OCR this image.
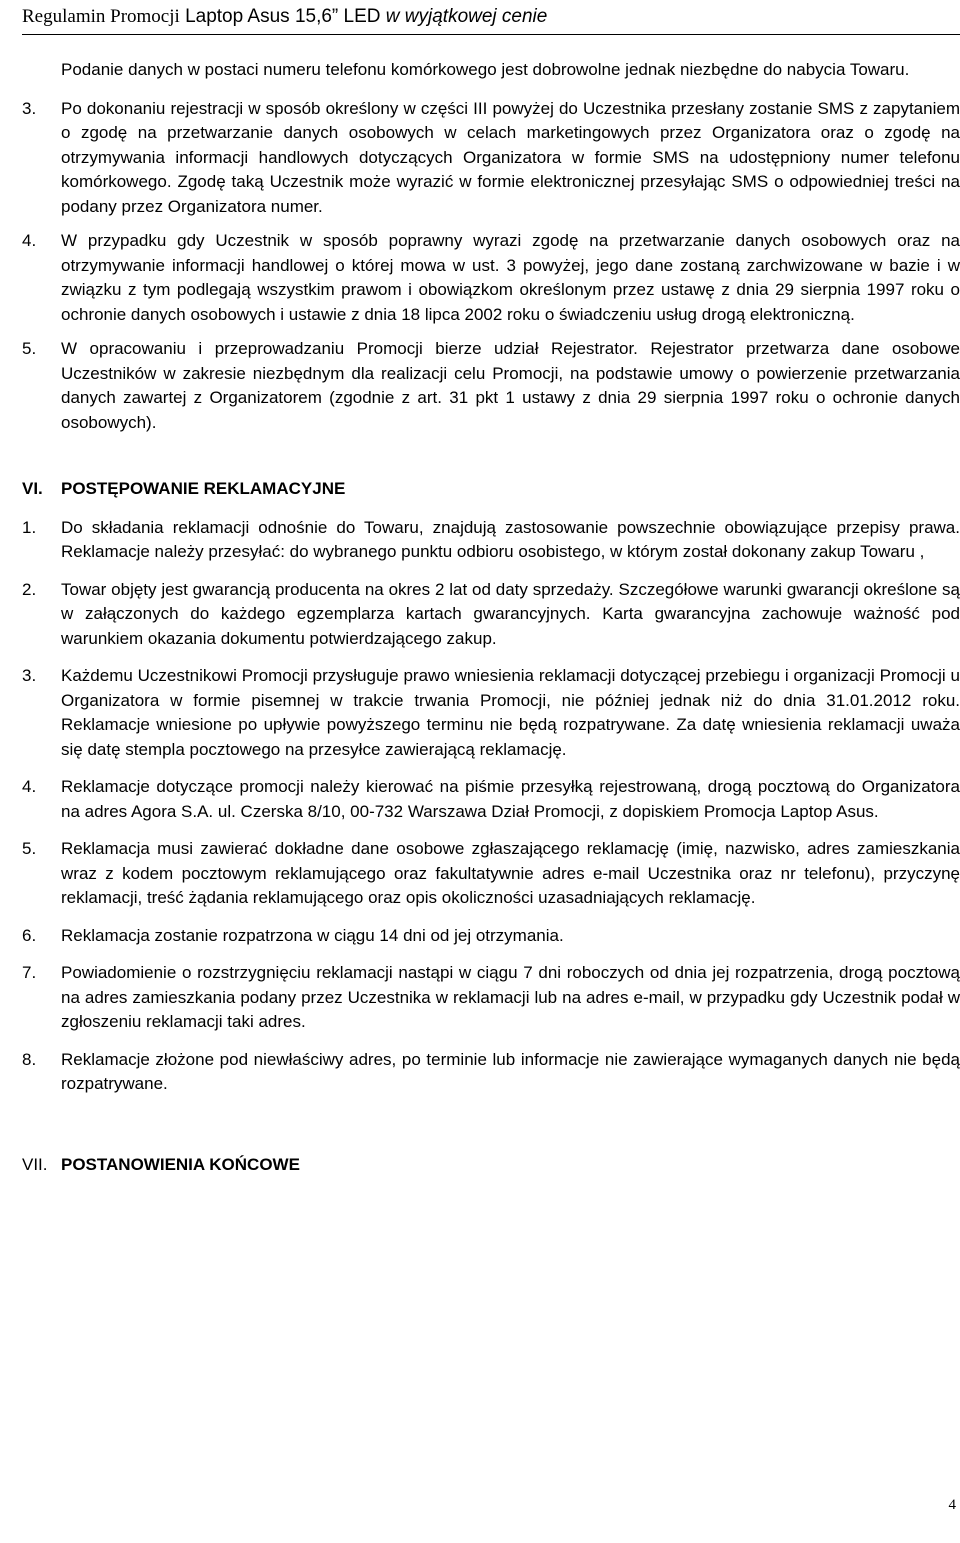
Regulamin Promocji Laptop Asus 15,6” LED w wyjątkowej cenie
Podanie danych w postaci numeru telefonu komórkowego jest dobrowolne jednak niezbędne do nabycia Towaru.
3.	Po dokonaniu rejestracji w sposób określony w części III powyżej do Uczestnika przesłany zostanie SMS z zapytaniem o zgodę na przetwarzanie danych osobowych w celach marketingowych przez Organizatora oraz o zgodę na otrzymywania informacji handlowych dotyczących Organizatora w formie SMS na udostępniony numer telefonu komórkowego. Zgodę taką Uczestnik może wyrazić w formie elektronicznej przesyłając SMS o odpowiedniej treści na podany przez Organizatora numer.
4.	W przypadku gdy Uczestnik w sposób poprawny wyrazi zgodę na przetwarzanie danych osobowych oraz na otrzymywanie informacji handlowej o której mowa w ust. 3 powyżej, jego dane zostaną zarchwizowane w bazie i w związku z tym podlegają wszystkim prawom i obowiązkom określonym przez ustawę z dnia 29 sierpnia 1997 roku o ochronie danych osobowych i ustawie z dnia 18 lipca 2002 roku o świadczeniu usług drogą elektroniczną.
5.	W opracowaniu i przeprowadzaniu Promocji bierze udział Rejestrator. Rejestrator przetwarza dane osobowe Uczestników w zakresie niezbędnym dla realizacji celu Promocji, na podstawie umowy o powierzenie przetwarzania danych zawartej z Organizatorem (zgodnie z art. 31 pkt 1 ustawy z dnia 29 sierpnia 1997 roku o ochronie danych osobowych).
VI.	POSTĘPOWANIE REKLAMACYJNE
1.	Do składania reklamacji odnośnie do Towaru, znajdują zastosowanie powszechnie obowiązujące przepisy prawa. Reklamacje należy przesyłać: do wybranego punktu odbioru osobistego, w którym został dokonany zakup Towaru ,
2.	Towar objęty jest gwarancją producenta na okres 2 lat od daty sprzedaży. Szczegółowe warunki gwarancji określone są w załączonych do każdego egzemplarza kartach gwarancyjnych. Karta gwarancyjna zachowuje ważność pod warunkiem okazania dokumentu potwierdzającego zakup.
3.	Każdemu Uczestnikowi Promocji przysługuje prawo wniesienia reklamacji dotyczącej przebiegu i organizacji Promocji u Organizatora w formie pisemnej w trakcie trwania Promocji, nie później jednak niż do dnia 31.01.2012 roku. Reklamacje wniesione po upływie powyższego terminu nie będą rozpatrywane. Za datę wniesienia reklamacji uważa się datę stempla pocztowego na przesyłce zawierającą reklamację.
4.	Reklamacje dotyczące promocji należy kierować na piśmie przesyłką rejestrowaną, drogą pocztową do Organizatora na adres Agora S.A. ul. Czerska 8/10, 00-732 Warszawa Dział Promocji, z dopiskiem Promocja Laptop Asus.
5.	Reklamacja musi zawierać dokładne dane osobowe zgłaszającego reklamację (imię, nazwisko, adres zamieszkania wraz z kodem pocztowym reklamującego oraz fakultatywnie adres e-mail Uczestnika oraz nr telefonu), przyczynę reklamacji, treść żądania reklamującego oraz opis okoliczności uzasadniających reklamację.
6.	Reklamacja zostanie rozpatrzona w ciągu 14 dni od jej otrzymania.
7.	Powiadomienie o rozstrzygnięciu reklamacji nastąpi w ciągu 7 dni roboczych od dnia jej rozpatrzenia, drogą pocztową na adres zamieszkania podany przez Uczestnika w reklamacji lub na adres e-mail, w przypadku gdy Uczestnik podał w zgłoszeniu reklamacji taki adres.
8.	Reklamacje złożone pod niewłaściwy adres, po terminie lub informacje nie zawierające wymaganych danych nie będą rozpatrywane.
VII. POSTANOWIENIA KOŃCOWE
4
